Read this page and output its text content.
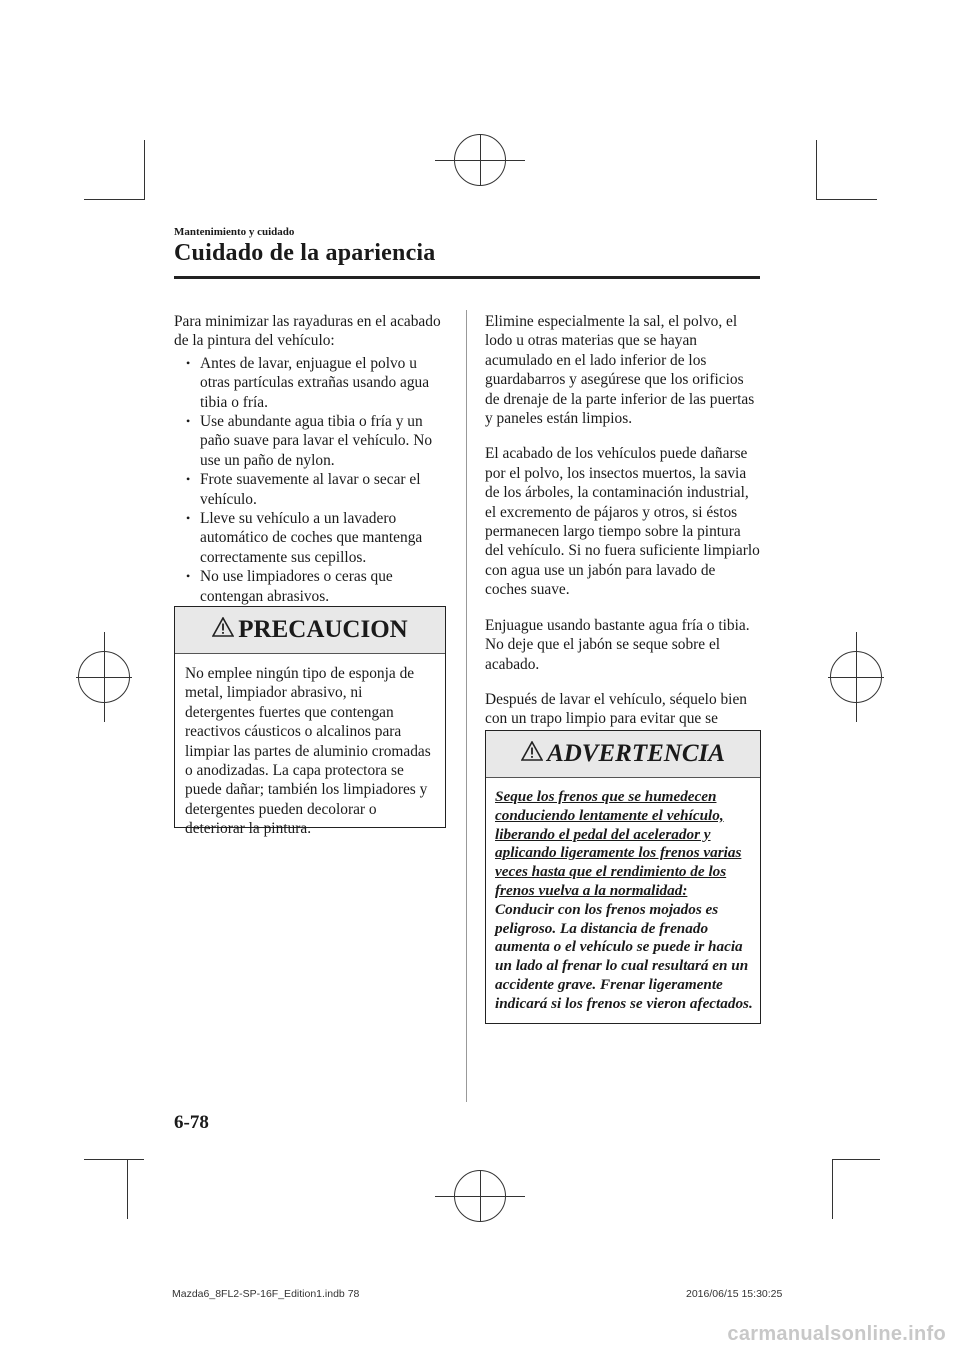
Mantenimiento y cuidado
Cuidado de la apariencia

Para minimizar las rayaduras en el acabado de la pintura del vehículo:

• Antes de lavar, enjuague el polvo u otras partículas extrañas usando agua tibia o fría.
• Use abundante agua tibia o fría y un paño suave para lavar el vehículo. No use un paño de nylon.
• Frote suavemente al lavar o secar el vehículo.
• Lleve su vehículo a un lavadero automático de coches que mantenga correctamente sus cepillos.
• No use limpiadores o ceras que contengan abrasivos.
PRECAUCION
No emplee ningún tipo de esponja de metal, limpiador abrasivo, ni detergentes fuertes que contengan reactivos cáusticos o alcalinos para limpiar las partes de aluminio cromadas o anodizadas. La capa protectora se puede dañar; también los limpiadores y detergentes pueden decolorar o deteriorar la pintura.

Elimine especialmente la sal, el polvo, el lodo u otras materias que se hayan acumulado en el lado inferior de los guardabarros y asegúrese que los orificios de drenaje de la parte inferior de las puertas y paneles están limpios.

El acabado de los vehículos puede dañarse por el polvo, los insectos muertos, la savia de los árboles, la contaminación industrial, el excremento de pájaros y otros, si éstos permanecen largo tiempo sobre la pintura del vehículo. Si no fuera suficiente limpiarlo con agua use un jabón para lavado de coches suave.

Enjuague usando bastante agua fría o tibia. No deje que el jabón se seque sobre el acabado.

Después de lavar el vehículo, séquelo bien con un trapo limpio para evitar que se

ADVERTENCIA
Seque los frenos que se humedecen conduciendo lentamente el vehículo, liberando el pedal del acelerador y aplicando ligeramente los frenos varias veces hasta que el rendimiento de los frenos vuelva a la normalidad:
Conducir con los frenos mojados es peligroso. La distancia de frenado aumenta o el vehículo se puede ir hacia un lado al frenar lo cual resultará en un accidente grave. Frenar ligeramente indicará si los frenos se vieron afectados.
6-78
Mazda6_8FL2-SP-16F_Edition1.indb 78	2016/06/15 15:30:25
carmanualsonline.info
